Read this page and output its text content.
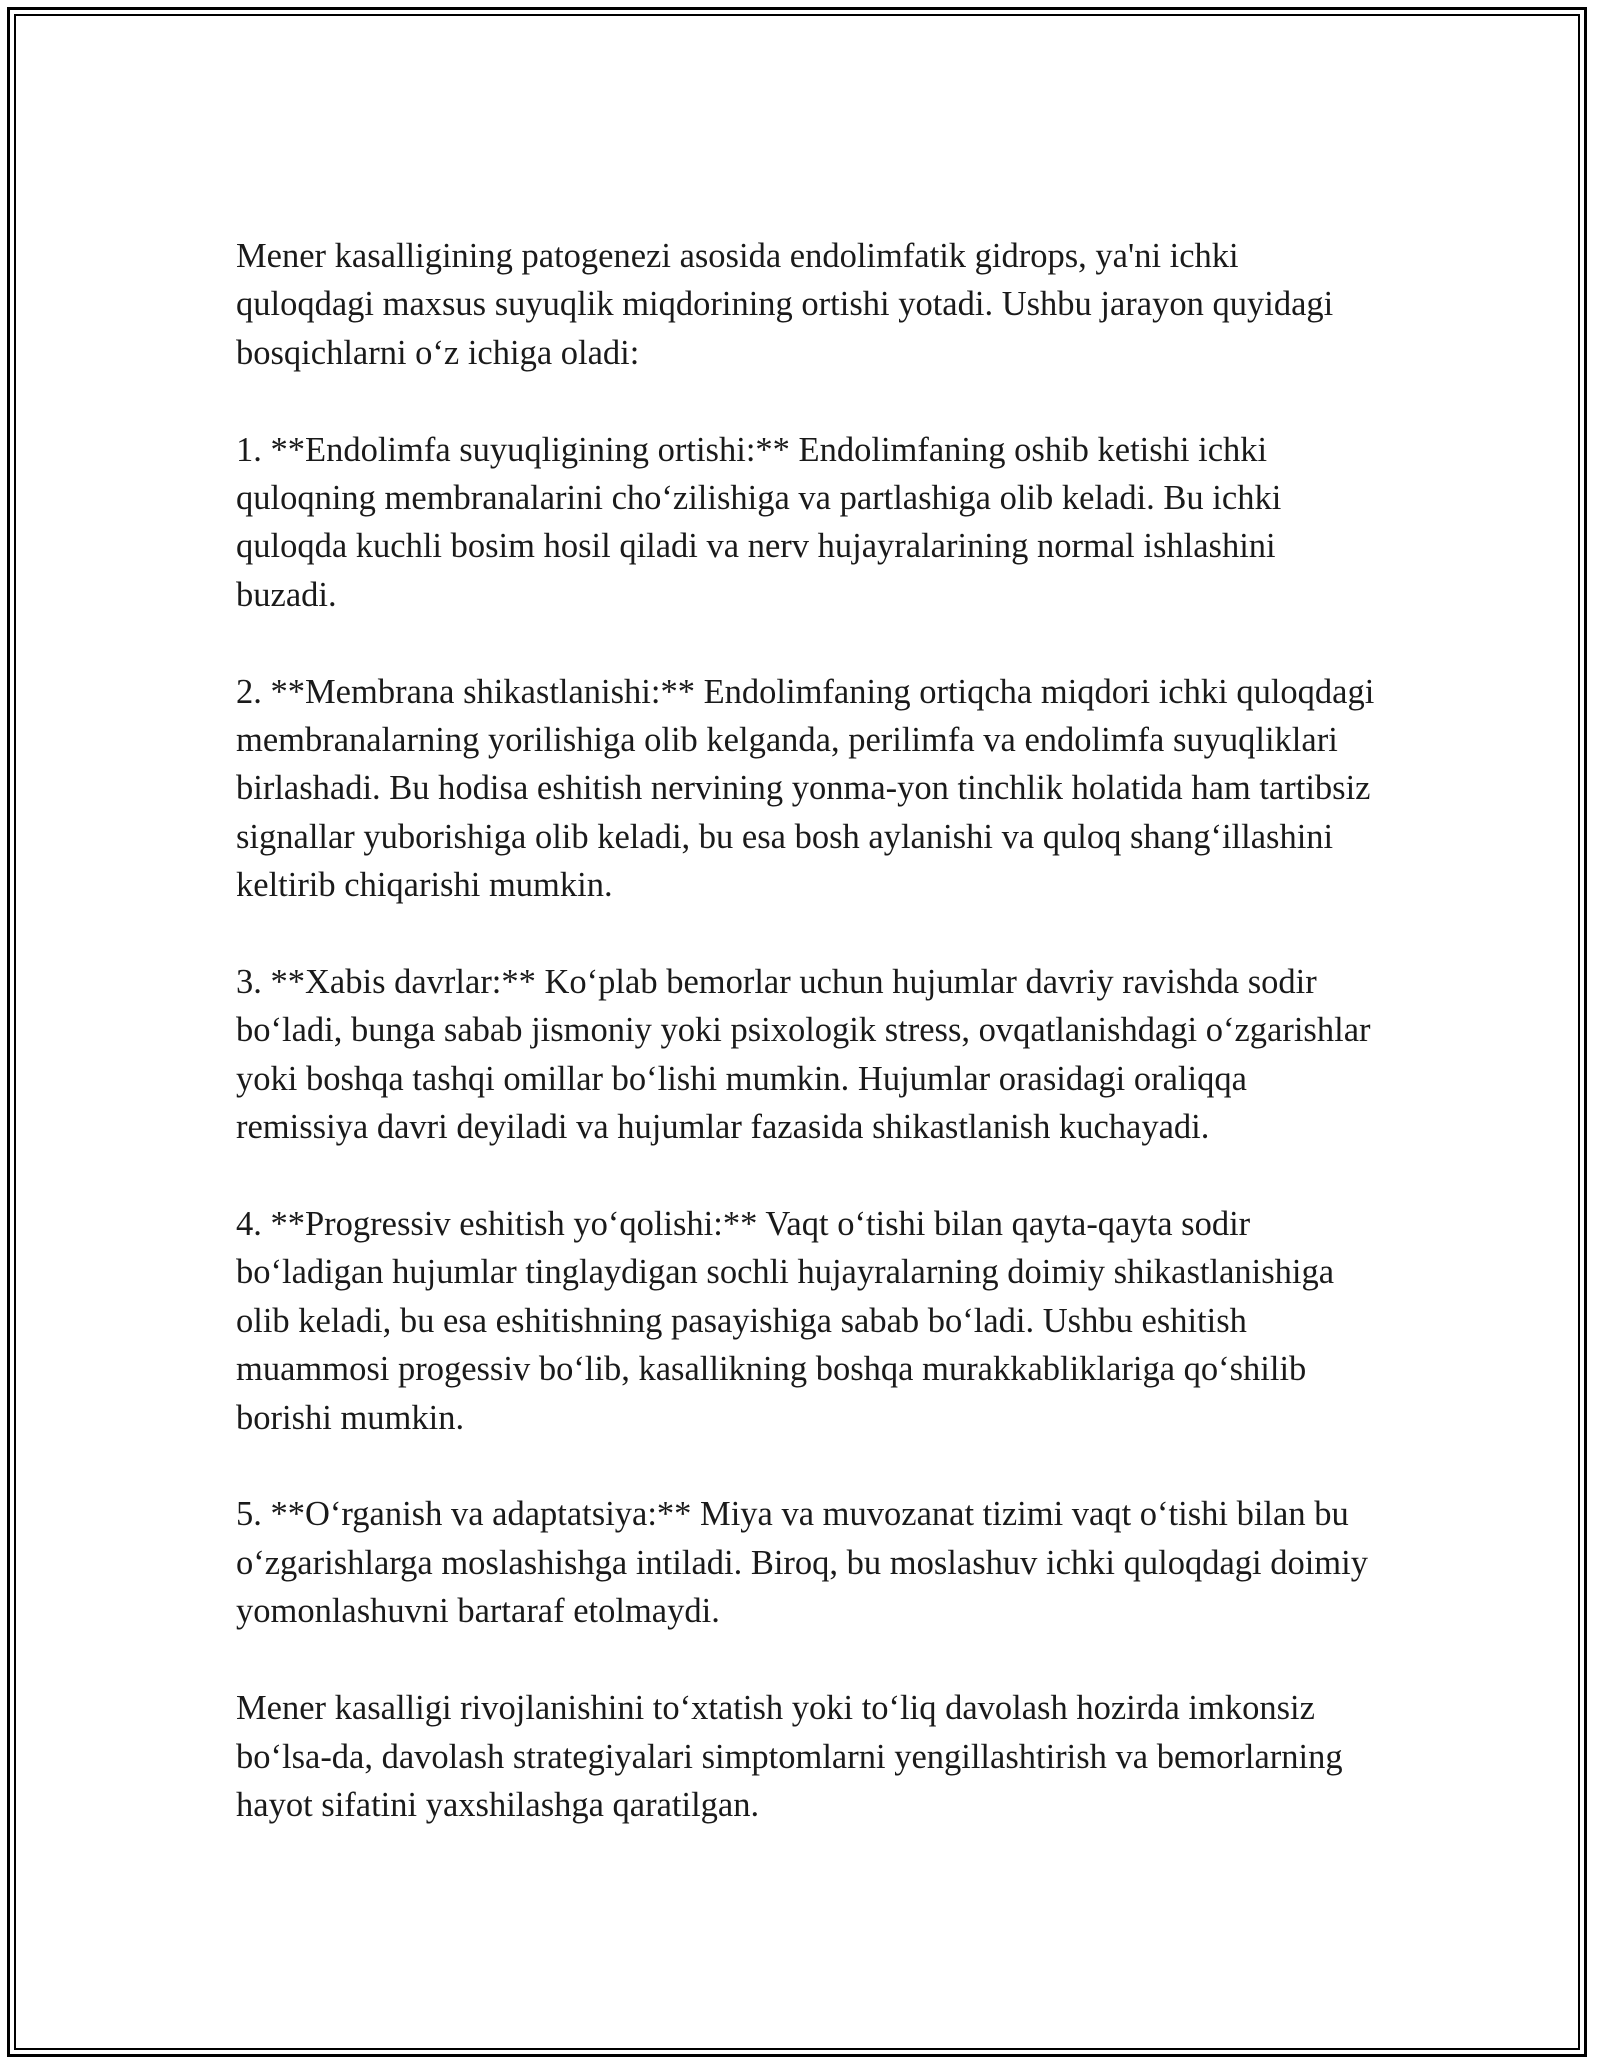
Mener kasalligining patogenezi asosida endolimfatik gidrops, ya'ni ichki quloqdagi maxsus suyuqlik miqdorining ortishi yotadi. Ushbu jarayon quyidagi bosqichlarni o‘z ichiga oladi:

1. **Endolimfa suyuqligining ortishi:** Endolimfaning oshib ketishi ichki quloqning membranalarini cho‘zilishiga va partlashiga olib keladi. Bu ichki quloqda kuchli bosim hosil qiladi va nerv hujayralarining normal ishlashini buzadi.

2. **Membrana shikastlanishi:** Endolimfaning ortiqcha miqdori ichki quloqdagi membranalarning yorilishiga olib kelganda, perilimfa va endolimfa suyuqliklari birlashadi. Bu hodisa eshitish nervining yonma-yon tinchlik holatida ham tartibsiz signallar yuborishiga olib keladi, bu esa bosh aylanishi va quloq shang‘illashini keltirib chiqarishi mumkin.

3. **Xabis davrlar:** Ko‘plab bemorlar uchun hujumlar davriy ravishda sodir bo‘ladi, bunga sabab jismoniy yoki psixologik stress, ovqatlanishdagi o‘zgarishlar yoki boshqa tashqi omillar bo‘lishi mumkin. Hujumlar orasidagi oraliqqa remissiya davri deyiladi va hujumlar fazasida shikastlanish kuchayadi.

4. **Progressiv eshitish yo‘qolishi:** Vaqt o‘tishi bilan qayta-qayta sodir bo‘ladigan hujumlar tinglaydigan sochli hujayralarning doimiy shikastlanishiga olib keladi, bu esa eshitishning pasayishiga sabab bo‘ladi. Ushbu eshitish muammosi progessiv bo‘lib, kasallikning boshqa murakkabliklariga qo‘shilib borishi mumkin.

5. **O‘rganish va adaptatsiya:** Miya va muvozanat tizimi vaqt o‘tishi bilan bu o‘zgarishlarga moslashishga intiladi. Biroq, bu moslashuv ichki quloqdagi doimiy yomonlashuvni bartaraf etolmaydi.

Mener kasalligi rivojlanishini to‘xtatish yoki to‘liq davolash hozirda imkonsiz bo‘lsa-da, davolash strategiyalari simptomlarni yengillashtirish va bemorlarning hayot sifatini yaxshilashga qaratilgan.
